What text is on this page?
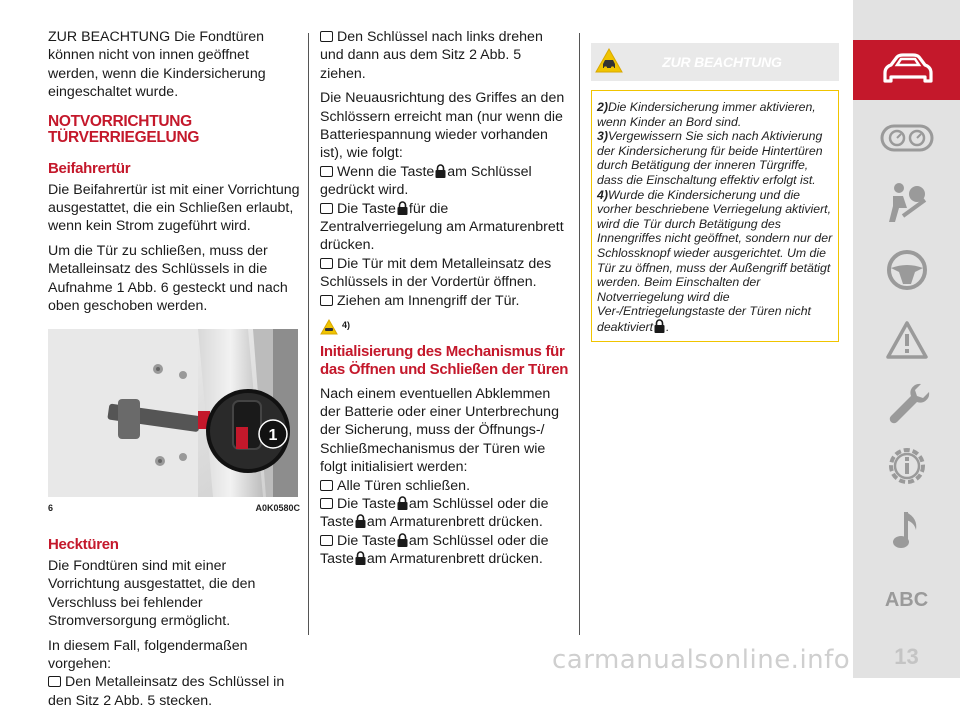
ZUR BEACHTUNG Die Fondtüren können nicht von innen geöffnet werden, wenn die Kindersicherung eingeschaltet wurde.

NOTVORRICHTUNG
TÜRVERRIEGELUNG
Beifahrertür

Die Beifahrertür ist mit einer Vorrichtung ausgestattet, die ein Schließen erlaubt, wenn kein Strom zugeführt wird.

Um die Tür zu schließen, muss der Metalleinsatz des Schlüssels in die Aufnahme 1 Abb. 6 gesteckt und nach oben geschoben werden.

1
6	A0K0580C
Hecktüren

Die Fondtüren sind mit einer Vorrichtung ausgestattet, die den Verschluss bei fehlender Stromversorgung ermöglicht.

In diesem Fall, folgendermaßen vorgehen:

Den Metalleinsatz des Schlüssel in den Sitz 2 Abb. 5 stecken.

Den Schlüssel nach links drehen und dann aus dem Sitz 2 Abb. 5 ziehen.

Die Neuausrichtung des Griffes an den Schlössern erreicht man (nur wenn die Batteriespannung wieder vorhanden ist), wie folgt:

Wenn die Taste am Schlüssel gedrückt wird.
Die Taste für die Zentralverriegelung am Armaturenbrett drücken.
Die Tür mit dem Metalleinsatz des Schlüssels in der Vordertür öffnen.
Ziehen am Innengriff der Tür.
4)
Initialisierung des Mechanismus für das Öffnen und Schließen der Türen

Nach einem eventuellen Abklemmen der Batterie oder einer Unterbrechung der Sicherung, muss der Öffnungs-/ Schließmechanismus der Türen wie folgt initialisiert werden:

Alle Türen schließen.
Die Taste am Schlüssel oder die Taste am Armaturenbrett drücken.
Die Taste am Schlüssel oder die Taste am Armaturenbrett drücken.
ZUR BEACHTUNG
2)Die Kindersicherung immer aktivieren, wenn Kinder an Bord sind.
3)Vergewissern Sie sich nach Aktivierung der Kindersicherung für beide Hintertüren durch Betätigung der inneren Türgriffe, dass die Einschaltung effektiv erfolgt ist.
4)Wurde die Kindersicherung und die vorher beschriebene Verriegelung aktiviert, wird die Tür durch Betätigung des Innengriffes nicht geöffnet, sondern nur der Schlossknopf wieder ausgerichtet. Um die Tür zu öffnen, muss der Außengriff betätigt werden. Beim Einschalten der Notverriegelung wird die Ver-/Entriegelungstaste der Türen nicht deaktiviert .
ABC
13
carmanualsonline.info
